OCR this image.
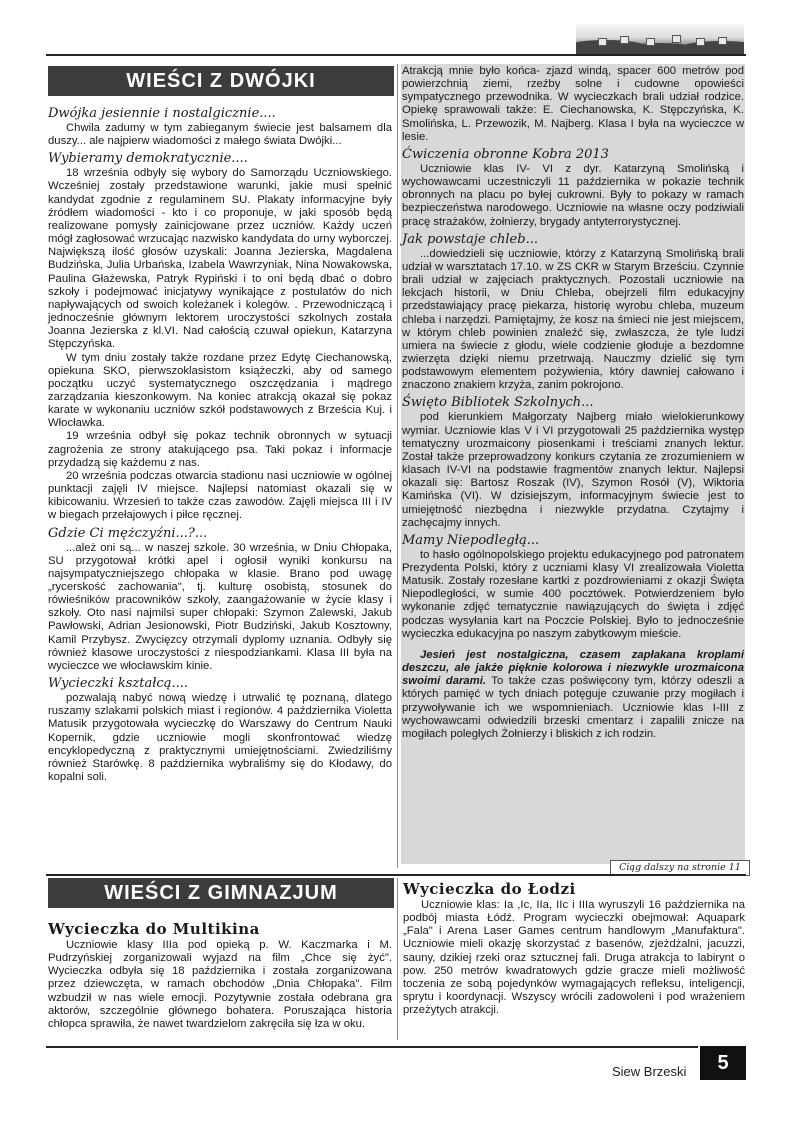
WIEŚCI Z DWÓJKI
Dwójka jesiennie i nostalgicznie....

Chwila zadumy w tym zabieganym świecie jest balsamem dla duszy... ale najpierw wiadomości z małego świata Dwójki...

Wybieramy demokratycznie....

18 września odbyły się wybory do Samorządu Uczniowskiego. Wcześniej zostały przedstawione warunki, jakie musi spełnić kandydat zgodnie z regulaminem SU. Plakaty informacyjne były źródłem wiadomości - kto i co proponuje, w jaki sposób będą realizowane pomysły zainicjowane przez uczniów. Każdy uczeń mógł zagłosować wrzucając nazwisko kandydata do urny wyborczej. Największą ilość głosów uzyskali: Joanna Jezierska, Magdalena Budzińska, Julia Urbańska, Izabela Wawrzyniak, Nina Nowakowska, Paulina Głażewska, Patryk Rypiński i to oni będą dbać o dobro szkoły i podejmować inicjatywy wynikające z postulatów do nich napływających od swoich koleżanek i kolegów. . Przewodniczącą i jednocześnie głównym lektorem uroczystości szkolnych została Joanna Jezierska z kl.VI. Nad całością czuwał opiekun, Katarzyna Stępczyńska.

W tym dniu zostały także rozdane przez Edytę Ciechanowską, opiekuna SKO, pierwszoklasistom książeczki, aby od samego początku uczyć systematycznego oszczędzania i mądrego zarządzania kieszonkowym. Na koniec atrakcją okazał się pokaz karate w wykonaniu uczniów szkół podstawowych z Brześcia Kuj. i Włocławka.

19 września odbył się pokaz technik obronnych w sytuacji zagrożenia ze strony atakującego psa. Taki pokaz i informacje przydadzą się każdemu z nas.

20 września podczas otwarcia stadionu nasi uczniowie w ogólnej punktacji zajęli IV miejsce. Najlepsi natomiast okazali się w kibicowaniu. Wrzesień to także czas zawodów. Zajęli miejsca III i IV w biegach przełajowych i piłce ręcznej.

Gdzie Ci mężczyźni...?...

...ależ oni są... w naszej szkole. 30 września, w Dniu Chłopaka, SU przygotował krótki apel i ogłosił wyniki konkursu na najsympatyczniejszego chłopaka w klasie. Brano pod uwagę „rycerskość zachowania", tj. kulturę osobistą, stosunek do rówieśników pracowników szkoły, zaangażowanie w życie klasy i szkoły. Oto nasi najmilsi super chłopaki: Szymon Zalewski, Jakub Pawłowski, Adrian Jesionowski, Piotr Budziński, Jakub Kosztowny, Kamil Przybysz. Zwycięzcy otrzymali dyplomy uznania. Odbyły się również klasowe uroczystości z niespodziankami. Klasa III była na wycieczce we włocławskim kinie.

Wycieczki kształcą....

pozwalają nabyć nową wiedzę i utrwalić tę poznaną, dlatego ruszamy szlakami polskich miast i regionów. 4 października Violetta Matusik przygotowała wycieczkę do Warszawy do Centrum Nauki Kopernik, gdzie uczniowie mogli skonfrontować wiedzę encyklopedyczną z praktycznymi umiejętnościami. Zwiedziliśmy również Starówkę. 8 października wybraliśmy się do Kłodawy, do kopalni soli.

Atrakcją mnie było końca- zjazd windą, spacer 600 metrów pod powierzchnią ziemi, rzeźby solne i cudowne opowieści sympatycznego przewodnika. W wycieczkach brali udział rodzice. Opiekę sprawowali także: E. Ciechanowska, K. Stępczyńska, K. Smolińska, L. Przewozik, M. Najberg. Klasa I była na wycieczce w lesie.

Ćwiczenia obronne Kobra 2013

Uczniowie klas IV- VI z dyr. Katarzyną Smolińską i wychowawcami uczestniczyli 11 października w pokazie technik obronnych na placu po byłej cukrowni. Były to pokazy w ramach bezpieczeństwa narodowego. Uczniowie na własne oczy podziwiali pracę strażaków, żołnierzy, brygady antyterrorystycznej.

Jak powstaje chleb...

...dowiedzieli się uczniowie, którzy z Katarzyną Smolińską brali udział w warsztatach 17.10. w ZS CKR w Starym Brześciu. Czynnie brali udział w zajęciach praktycznych. Pozostali uczniowie na lekcjach historii, w Dniu Chleba, obejrzeli film edukacyjny przedstawiający pracę piekarza, historię wyrobu chleba, muzeum chleba i narzędzi. Pamiętajmy, że kosz na śmieci nie jest miejscem, w którym chleb powinien znaleźć się, zwłaszcza, że tyle ludzi umiera na świecie z głodu, wiele codzienie głoduje a bezdomne zwierzęta dzięki niemu przetrwają. Nauczmy dzielić się tym podstawowym elementem pożywienia, który dawniej całowano i znaczono znakiem krzyża, zanim pokrojono.

Święto Bibliotek Szkolnych...

pod kierunkiem Małgorzaty Najberg miało wielokierunkowy wymiar. Uczniowie klas V i VI przygotowali 25 października występ tematyczny urozmaicony piosenkami i treściami znanych lektur. Został także przeprowadzony konkurs czytania ze zrozumieniem w klasach IV-VI na podstawie fragmentów znanych lektur. Najlepsi okazali się: Bartosz Roszak (IV), Szymon Rosół (V), Wiktoria Kamińska (VI). W dzisiejszym, informacyjnym świecie jest to umiejętność niezbędna i niezwykle przydatna. Czytajmy i zachęcajmy innych.

Mamy Niepodległą...

to hasło ogólnopolskiego projektu edukacyjnego pod patronatem Prezydenta Polski, który z uczniami klasy VI zrealizowała Violetta Matusik. Zostały rozesłane kartki z pozdrowieniami z okazji Święta Niepodległości, w sumie 400 pocztówek. Potwierdzeniem było wykonanie zdjęć tematycznie nawiązujących do święta i zdjęć podczas wysyłania kart na Poczcie Polskiej. Było to jednocześnie wycieczka edukacyjna po naszym zabytkowym mieście.

Jesień jest nostalgiczna, czasem zapłakana kroplami deszczu, ale jakże pięknie kolorowa i niezwykle urozmaicona swoimi darami. To także czas poświęcony tym, którzy odeszli a których pamięć w tych dniach potęguje czuwanie przy mogiłach i przywoływanie ich we wspomnieniach. Uczniowie klas I-III z wychowawcami odwiedzili brzeski cmentarz i zapalili znicze na mogiłach poległych Żołnierzy i bliskich z ich rodzin.

Ciąg dalszy na stronie 11
WIEŚCI Z GIMNAZJUM
Wycieczka do Multikina

Uczniowie klasy IIIa pod opieką p. W. Kaczmarka i M. Pudrzyńskiej zorganizowali wyjazd na film „Chce się żyć". Wycieczka odbyła się 18 października i została zorganizowana przez dziewczęta, w ramach obchodów „Dnia Chłopaka". Film wzbudził w nas wiele emocji. Pozytywnie została odebrana gra aktorów, szczególnie głównego bohatera. Poruszająca historia chłopca sprawiła, że nawet twardzielom zakręciła się łza w oku.

Wycieczka do Łodzi

Uczniowie klas: Ia ,Ic, IIa, IIc i IIIa wyruszyli 16 października na podbój miasta Łódź. Program wycieczki obejmował: Aquapark „Fala" i Arena Laser Games centrum handlowym „Manufaktura". Uczniowie mieli okazję skorzystać z basenów, zjeżdżalni, jacuzzi, sauny, dzikiej rzeki oraz sztucznej fali. Druga atrakcja to labirynt o pow. 250 metrów kwadratowych gdzie gracze mieli możliwość toczenia ze sobą pojedynków wymagających refleksu, inteligencji, sprytu i koordynacji. Wszyscy wrócili zadowoleni i pod wrażeniem przeżytych atrakcji.

Siew Brzeski	5
